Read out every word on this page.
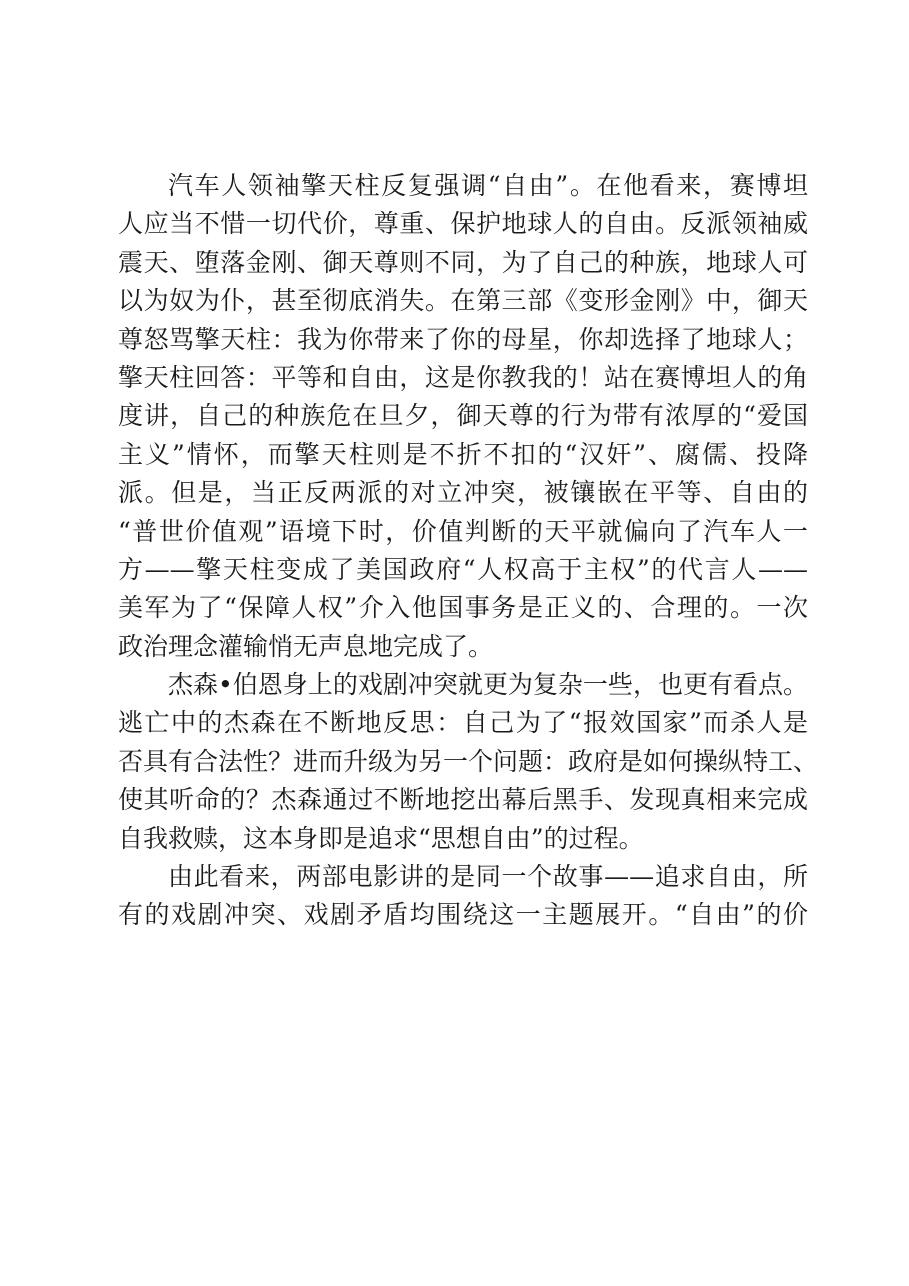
汽车人领袖擎天柱反复强调“自由”。在他看来，赛博坦
人应当不惜一切代价，尊重、保护地球人的自由。反派领袖威
震天、堕落金刚、御天尊则不同，为了自己的种族，地球人可
以为奴为仆，甚至彻底消失。在第三部《变形金刚》中，御天
尊怒骂擎天柱：我为你带来了你的母星，你却选择了地球人；
擎天柱回答：平等和自由，这是你教我的！站在赛博坦人的角
度讲，自己的种族危在旦夕，御天尊的行为带有浓厚的“爱国
主义”情怀，而擎天柱则是不折不扣的“汉奸”、腐儒、投降
派。但是，当正反两派的对立冲突，被镶嵌在平等、自由的
“普世价值观”语境下时，价值判断的天平就偏向了汽车人一
方——擎天柱变成了美国政府“人权高于主权”的代言人——
美军为了“保障人权”介入他国事务是正义的、合理的。一次
政治理念灌输悄无声息地完成了。
杰森•伯恩身上的戏剧冲突就更为复杂一些，也更有看点。
逃亡中的杰森在不断地反思：自己为了“报效国家”而杀人是
否具有合法性？进而升级为另一个问题：政府是如何操纵特工、
使其听命的？杰森通过不断地挖出幕后黑手、发现真相来完成
自我救赎，这本身即是追求“思想自由”的过程。
由此看来，两部电影讲的是同一个故事——追求自由，所
有的戏剧冲突、戏剧矛盾均围绕这一主题展开。“自由”的价
